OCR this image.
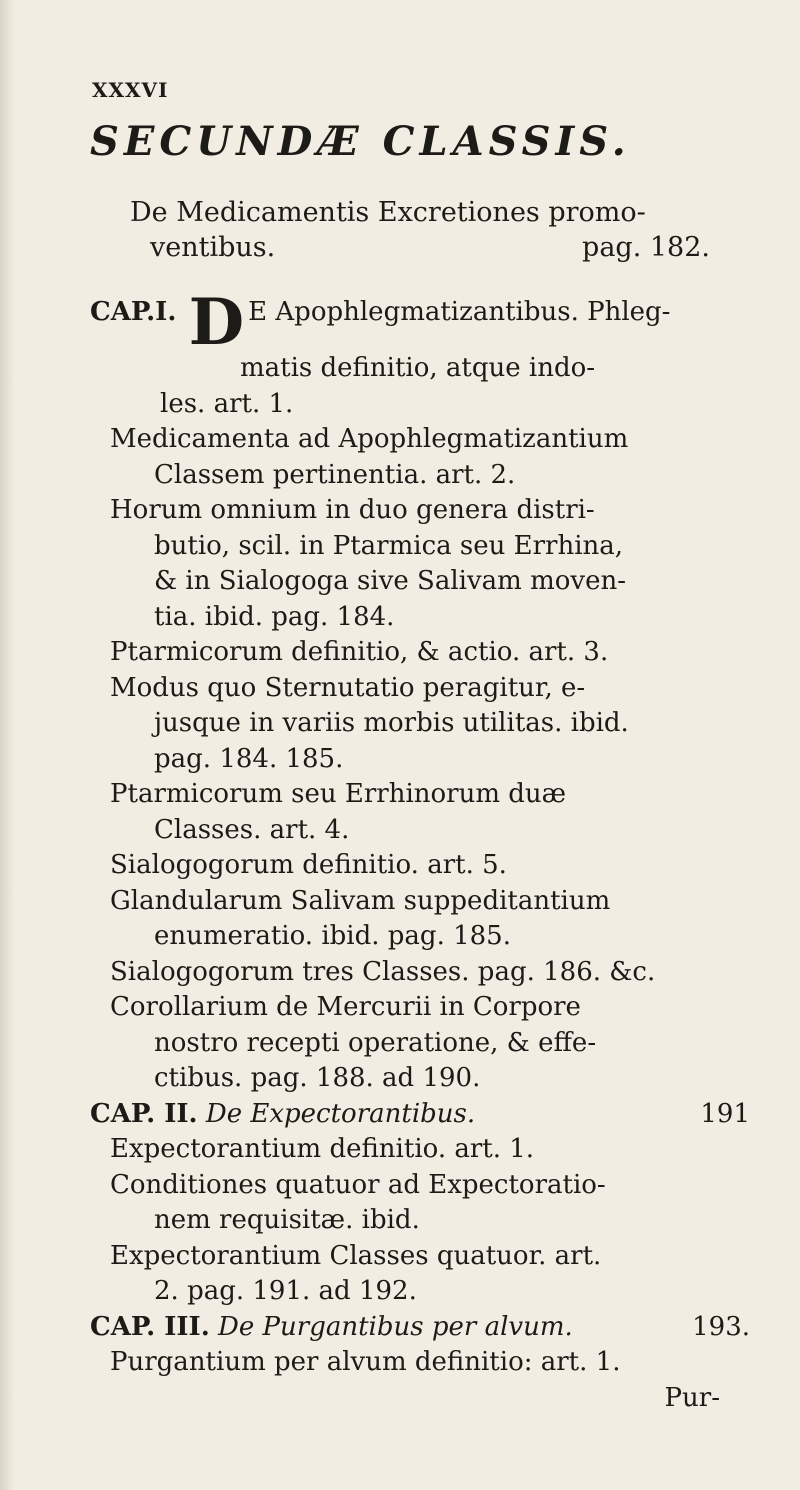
XXXVI
SECUNDÆ CLASSIS.
De Medicamentis Excretiones promo-
ventibus.	pag. 182.
CAP.I. D E Apophlegmatizantibus. Phleg-
matis definitio, atque indo-
les. art. 1.
Medicamenta ad Apophlegmatizantium
Classem pertinentia. art. 2.
Horum omnium in duo genera distri-
butio, scil. in Ptarmica seu Errhina,
& in Sialogoga sive Salivam moven-
tia. ibid. pag. 184.
Ptarmicorum definitio, & actio. art. 3.
Modus quo Sternutatio peragitur, e-
jusque in variis morbis utilitas. ibid.
pag. 184. 185.
Ptarmicorum seu Errhinorum duæ
Classes. art. 4.
Sialogogorum definitio. art. 5.
Glandularum Salivam suppeditantium
enumeratio. ibid. pag. 185.
Sialogogorum tres Classes. pag. 186. &c.
Corollarium de Mercurii in Corpore
nostro recepti operatione, & effe-
ctibus. pag. 188. ad 190.
CAP. II. De Expectorantibus.	191
Expectorantium definitio. art. 1.
Conditiones quatuor ad Expectoratio-
nem requisitæ. ibid.
Expectorantium Classes quatuor. art.
2. pag. 191. ad 192.
CAP. III. De Purgantibus per alvum.	193.
Purgantium per alvum definitio: art. 1.
Pur-
